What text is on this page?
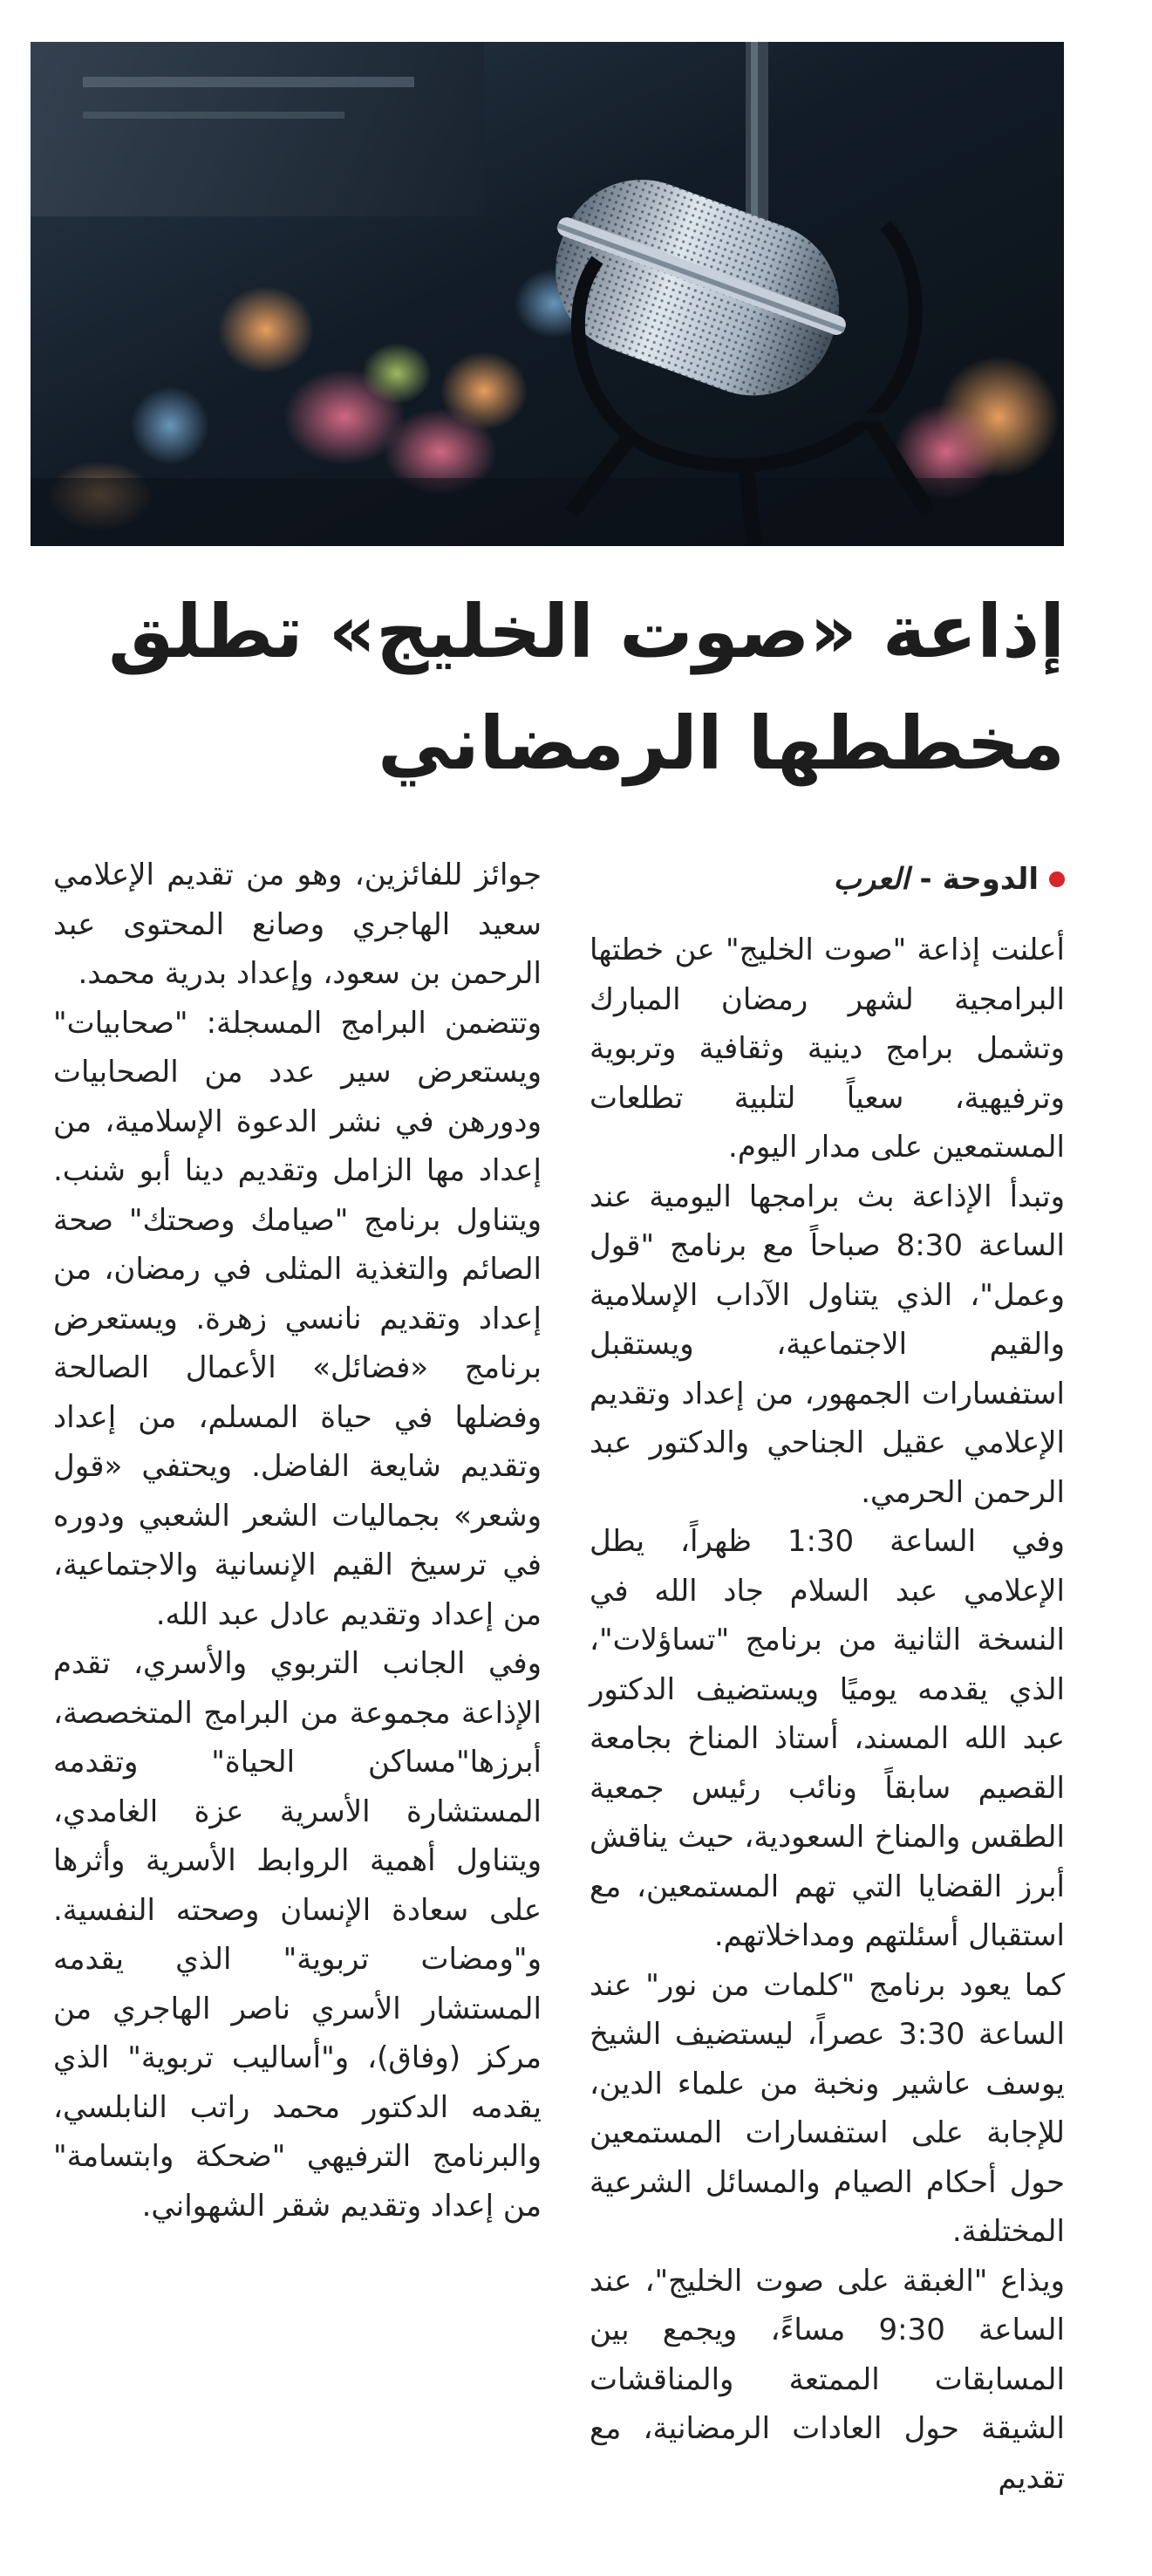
إذاعة «صوت الخليج» تطلق
مخططها الرمضاني
الدوحة
-
العرب

أعلنت إذاعة "صوت الخليج" عن خطتها البرامجية لشهر رمضان المبارك وتشمل برامج دينية وثقافية وتربوية وترفيهية، سعياً لتلبية تطلعات المستمعين على مدار اليوم.

وتبدأ الإذاعة بث برامجها اليومية عند الساعة 8:30 صباحاً مع برنامج "قول وعمل"، الذي يتناول الآداب الإسلامية والقيم الاجتماعية، ويستقبل استفسارات الجمهور، من إعداد وتقديم الإعلامي عقيل الجناحي والدكتور عبد الرحمن الحرمي.

وفي الساعة 1:30 ظهراً، يطل الإعلامي عبد السلام جاد الله في النسخة الثانية من برنامج "تساؤلات"، الذي يقدمه يوميًا ويستضيف الدكتور عبد الله المسند، أستاذ المناخ بجامعة القصيم سابقاً ونائب رئيس جمعية الطقس والمناخ السعودية، حيث يناقش أبرز القضايا التي تهم المستمعين، مع استقبال أسئلتهم ومداخلاتهم.

كما يعود برنامج "كلمات من نور" عند الساعة 3:30 عصراً، ليستضيف الشيخ يوسف عاشير ونخبة من علماء الدين، للإجابة على استفسارات المستمعين حول أحكام الصيام والمسائل الشرعية المختلفة.

ويذاع "الغبقة على صوت الخليج"، عند الساعة 9:30 مساءً، ويجمع بين المسابقات الممتعة والمناقشات الشيقة حول العادات الرمضانية، مع تقديم

جوائز للفائزين، وهو من تقديم الإعلامي سعيد الهاجري وصانع المحتوى عبد الرحمن بن سعود، وإعداد بدرية محمد.

وتتضمن البرامج المسجلة: "صحابيات" ويستعرض سير عدد من الصحابيات ودورهن في نشر الدعوة الإسلامية، من إعداد مها الزامل وتقديم دينا أبو شنب. ويتناول برنامج "صيامك وصحتك" صحة الصائم والتغذية المثلى في رمضان، من إعداد وتقديم نانسي زهرة. ويستعرض برنامج «فضائل» الأعمال الصالحة وفضلها في حياة المسلم، من إعداد وتقديم شايعة الفاضل. ويحتفي «قول وشعر» بجماليات الشعر الشعبي ودوره في ترسيخ القيم الإنسانية والاجتماعية، من إعداد وتقديم عادل عبد الله.

وفي الجانب التربوي والأسري، تقدم الإذاعة مجموعة من البرامج المتخصصة، أبرزها"مساكن الحياة" وتقدمه المستشارة الأسرية عزة الغامدي، ويتناول أهمية الروابط الأسرية وأثرها على سعادة الإنسان وصحته النفسية. و"ومضات تربوية" الذي يقدمه المستشار الأسري ناصر الهاجري من مركز (وفاق)، و"أساليب تربوية" الذي يقدمه الدكتور محمد راتب النابلسي، والبرنامج الترفيهي "ضحكة وابتسامة" من إعداد وتقديم شقر الشهواني.
